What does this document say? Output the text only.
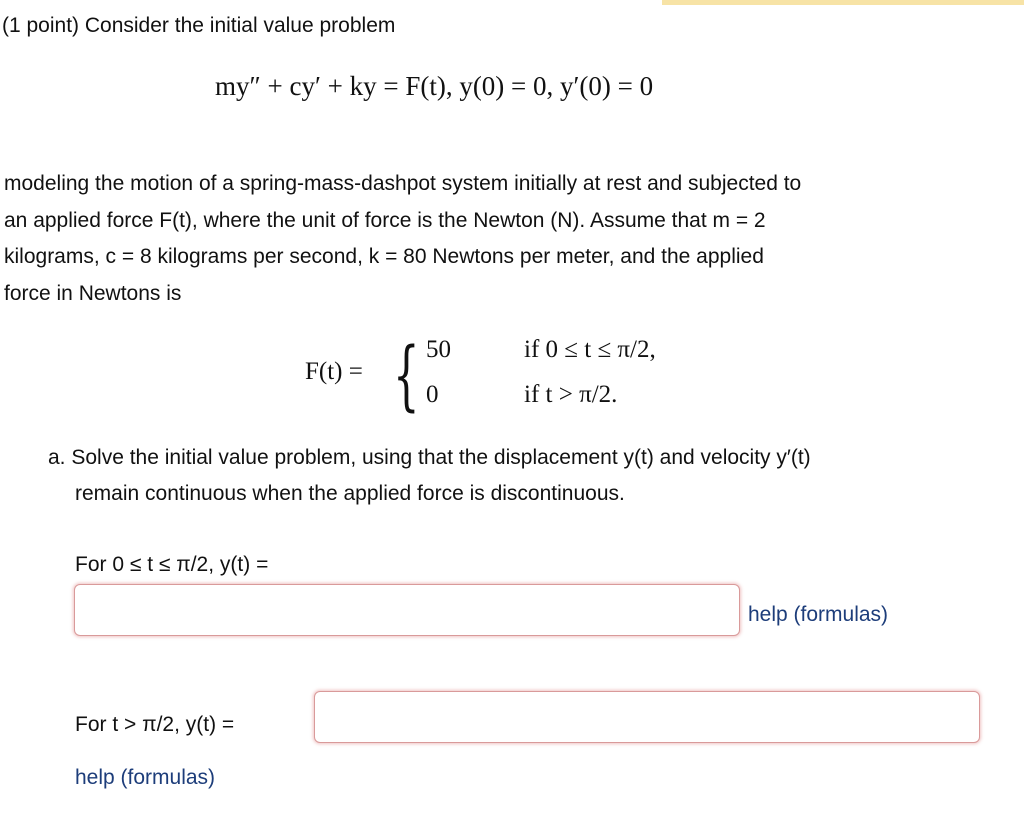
(1 point) Consider the initial value problem
my″ + cy′ + ky = F(t), y(0) = 0, y′(0) = 0
modeling the motion of a spring-mass-dashpot system initially at rest and subjected to
an applied force F(t), where the unit of force is the Newton (N). Assume that m = 2
kilograms, c = 8 kilograms per second, k = 80 Newtons per meter, and the applied
force in Newtons is
F(t) = { 50	if 0 ≤ t ≤ π/2,
0	if t > π/2.
a. Solve the initial value problem, using that the displacement y(t) and velocity y′(t)
remain continuous when the applied force is discontinuous.
For 0 ≤ t ≤ π/2, y(t) =
help (formulas)
For t > π/2, y(t) =
help (formulas)
